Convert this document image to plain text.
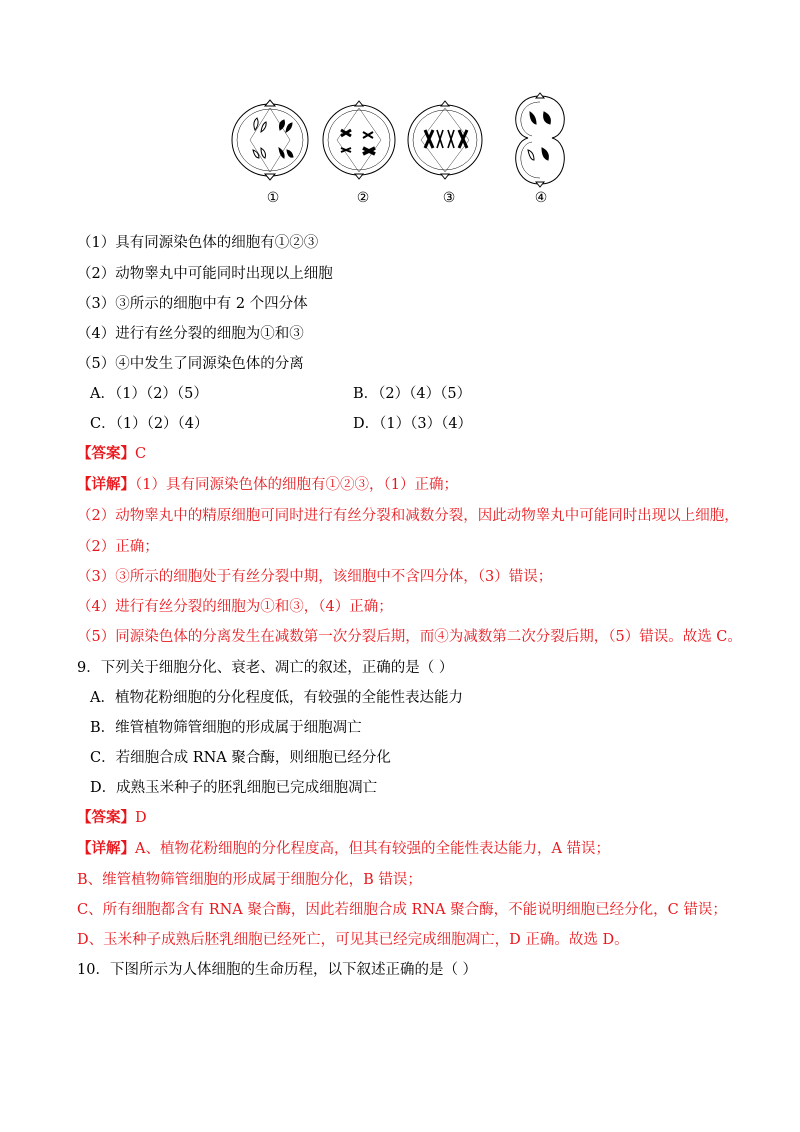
①	②	③	④
（1）具有同源染色体的细胞有①②③
（2）动物睾丸中可能同时出现以上细胞
（3）③所示的细胞中有 2 个四分体
（4）进行有丝分裂的细胞为①和③
（5）④中发生了同源染色体的分离
A．（1）（2）（5）	B．（2）（4）（5）
C．（1）（2）（4）	D．（1）（3）（4）
【答案】C
【详解】（1）具有同源染色体的细胞有①②③，（1）正确；
（2）动物睾丸中的精原细胞可同时进行有丝分裂和减数分裂，因此动物睾丸中可能同时出现以上细胞，
（2）正确；
（3）③所示的细胞处于有丝分裂中期，该细胞中不含四分体，（3）错误；
（4）进行有丝分裂的细胞为①和③，（4）正确；
（5）同源染色体的分离发生在减数第一次分裂后期，而④为减数第二次分裂后期，（5）错误。故选 C。
9．下列关于细胞分化、衰老、凋亡的叙述，正确的是（ ）
A．植物花粉细胞的分化程度低，有较强的全能性表达能力
B．维管植物筛管细胞的形成属于细胞凋亡
C．若细胞合成 RNA 聚合酶，则细胞已经分化
D．成熟玉米种子的胚乳细胞已完成细胞凋亡
【答案】D
【详解】A、植物花粉细胞的分化程度高，但其有较强的全能性表达能力，A 错误；
B、维管植物筛管细胞的形成属于细胞分化，B 错误；
C、所有细胞都含有 RNA 聚合酶，因此若细胞合成 RNA 聚合酶，不能说明细胞已经分化，C 错误；
D、玉米种子成熟后胚乳细胞已经死亡，可见其已经完成细胞凋亡，D 正确。故选 D。
10．下图所示为人体细胞的生命历程，以下叙述正确的是（ ）
